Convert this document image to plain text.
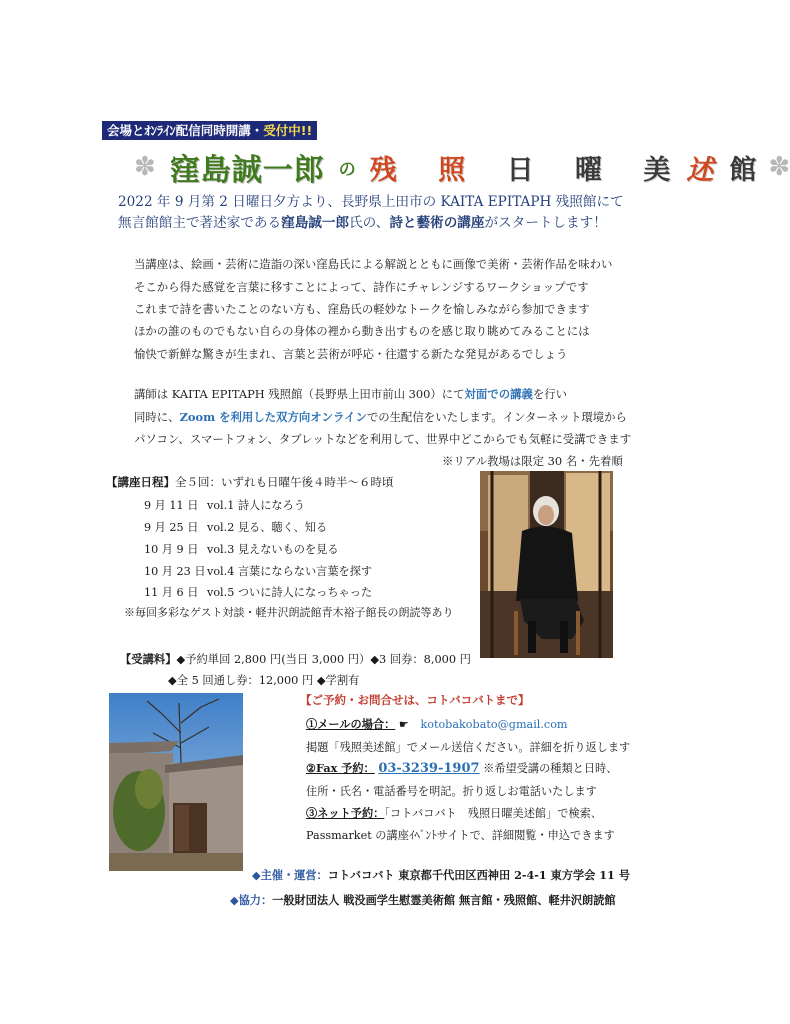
会場とｵﾝﾗｲﾝ配信同時開講・受付中!!
✽ 窪島誠一郎 の 残 照 日 曜 美述館
✽
2022 年 9 月第 2 日曜日夕方より、長野県上田市の KAITA EPITAPH 残照館にて
無言館館主で著述家である窪島誠一郎氏の、詩と藝術の講座がスタートします！
当講座は、絵画・芸術に造詣の深い窪島氏による解説とともに画像で美術・芸術作品を味わい
そこから得た感覚を言葉に移すことによって、詩作にチャレンジするワークショップです
これまで詩を書いたことのない方も、窪島氏の軽妙なトークを愉しみながら参加できます
ほかの誰のものでもない自らの身体の裡から動き出すものを感じ取り眺めてみることには
愉快で新鮮な驚きが生まれ、言葉と芸術が呼応・往還する新たな発見があるでしょう
講師は KAITA EPITAPH 残照館（長野県上田市前山 300）にて対面での講義を行い
同時に、Zoom を利用した双方向オンラインでの生配信をいたします。インターネット環境から
パソコン、スマートフォン、タブレットなどを利用して、世界中どこからでも気軽に受講できます
※リアル教場は限定 30 名・先着順
【講座日程】全５回：いずれも日曜午後４時半〜６時頃
9 月 11 日 vol.1 詩人になろう
9 月 25 日 vol.2 見る、聴く、知る
10 月 9 日 vol.3 見えないものを見る
10 月 23 日 vol.4 言葉にならない言葉を探す
11 月 6 日 vol.5 ついに詩人になっちゃった
※毎回多彩なゲスト対談・軽井沢朗読館青木裕子館長の朗読等あり
【受講料】◆予約単回 2,800 円(当日 3,000 円）◆3 回券：8,000 円
◆全 5 回通し券：12,000 円 ◆学割有
【ご予約・お問合せは、コトバコバトまで】
①メールの場合： ☛ kotobakobato@gmail.com
掲題「残照美述館」でメール送信ください。詳細を折り返します
②Fax 予約： 03-3239-1907 ※希望受講の種類と日時、
住所・氏名・電話番号を明記。折り返しお電話いたします
③ネット予約：「コトバコバト　残照日曜美述館」で検索、
Passmarket の講座ｲﾍﾞﾝﾄサイトで、詳細閲覧・申込できます
◆主催・運営：コトバコバト 東京都千代田区西神田 2-4-1 東方学会 11 号
◆協力：一般財団法人 戦没画学生慰霊美術館 無言館・残照館、軽井沢朗読館
